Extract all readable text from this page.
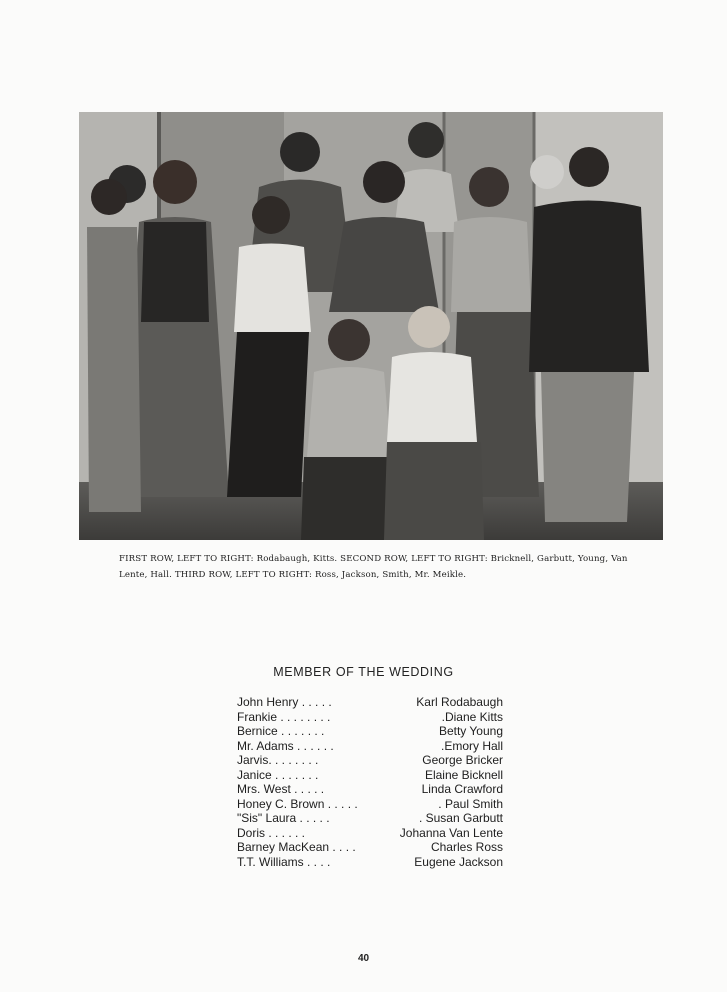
FIRST ROW, LEFT TO RIGHT: Rodabaugh, Kitts. SECOND ROW, LEFT TO RIGHT: Bricknell, Garbutt, Young, Van Lente, Hall. THIRD ROW, LEFT TO RIGHT: Ross, Jackson, Smith, Mr. Meikle.
MEMBER OF THE WEDDING
John Henry . . . . .	Karl Rodabaugh
Frankie . . . . . . . .	.Diane Kitts
Bernice . . . . . . .	Betty Young
Mr. Adams . . . . . .	.Emory Hall
Jarvis. . . . . . . .	George Bricker
Janice . . . . . . .	Elaine Bicknell
Mrs. West . . . . .	Linda Crawford
Honey C. Brown . . . . .	. Paul Smith
"Sis" Laura . . . . .	. Susan Garbutt
Doris . . . . . .	Johanna Van Lente
Barney MacKean . . . .	Charles Ross
T.T. Williams . . . .	Eugene Jackson
40
